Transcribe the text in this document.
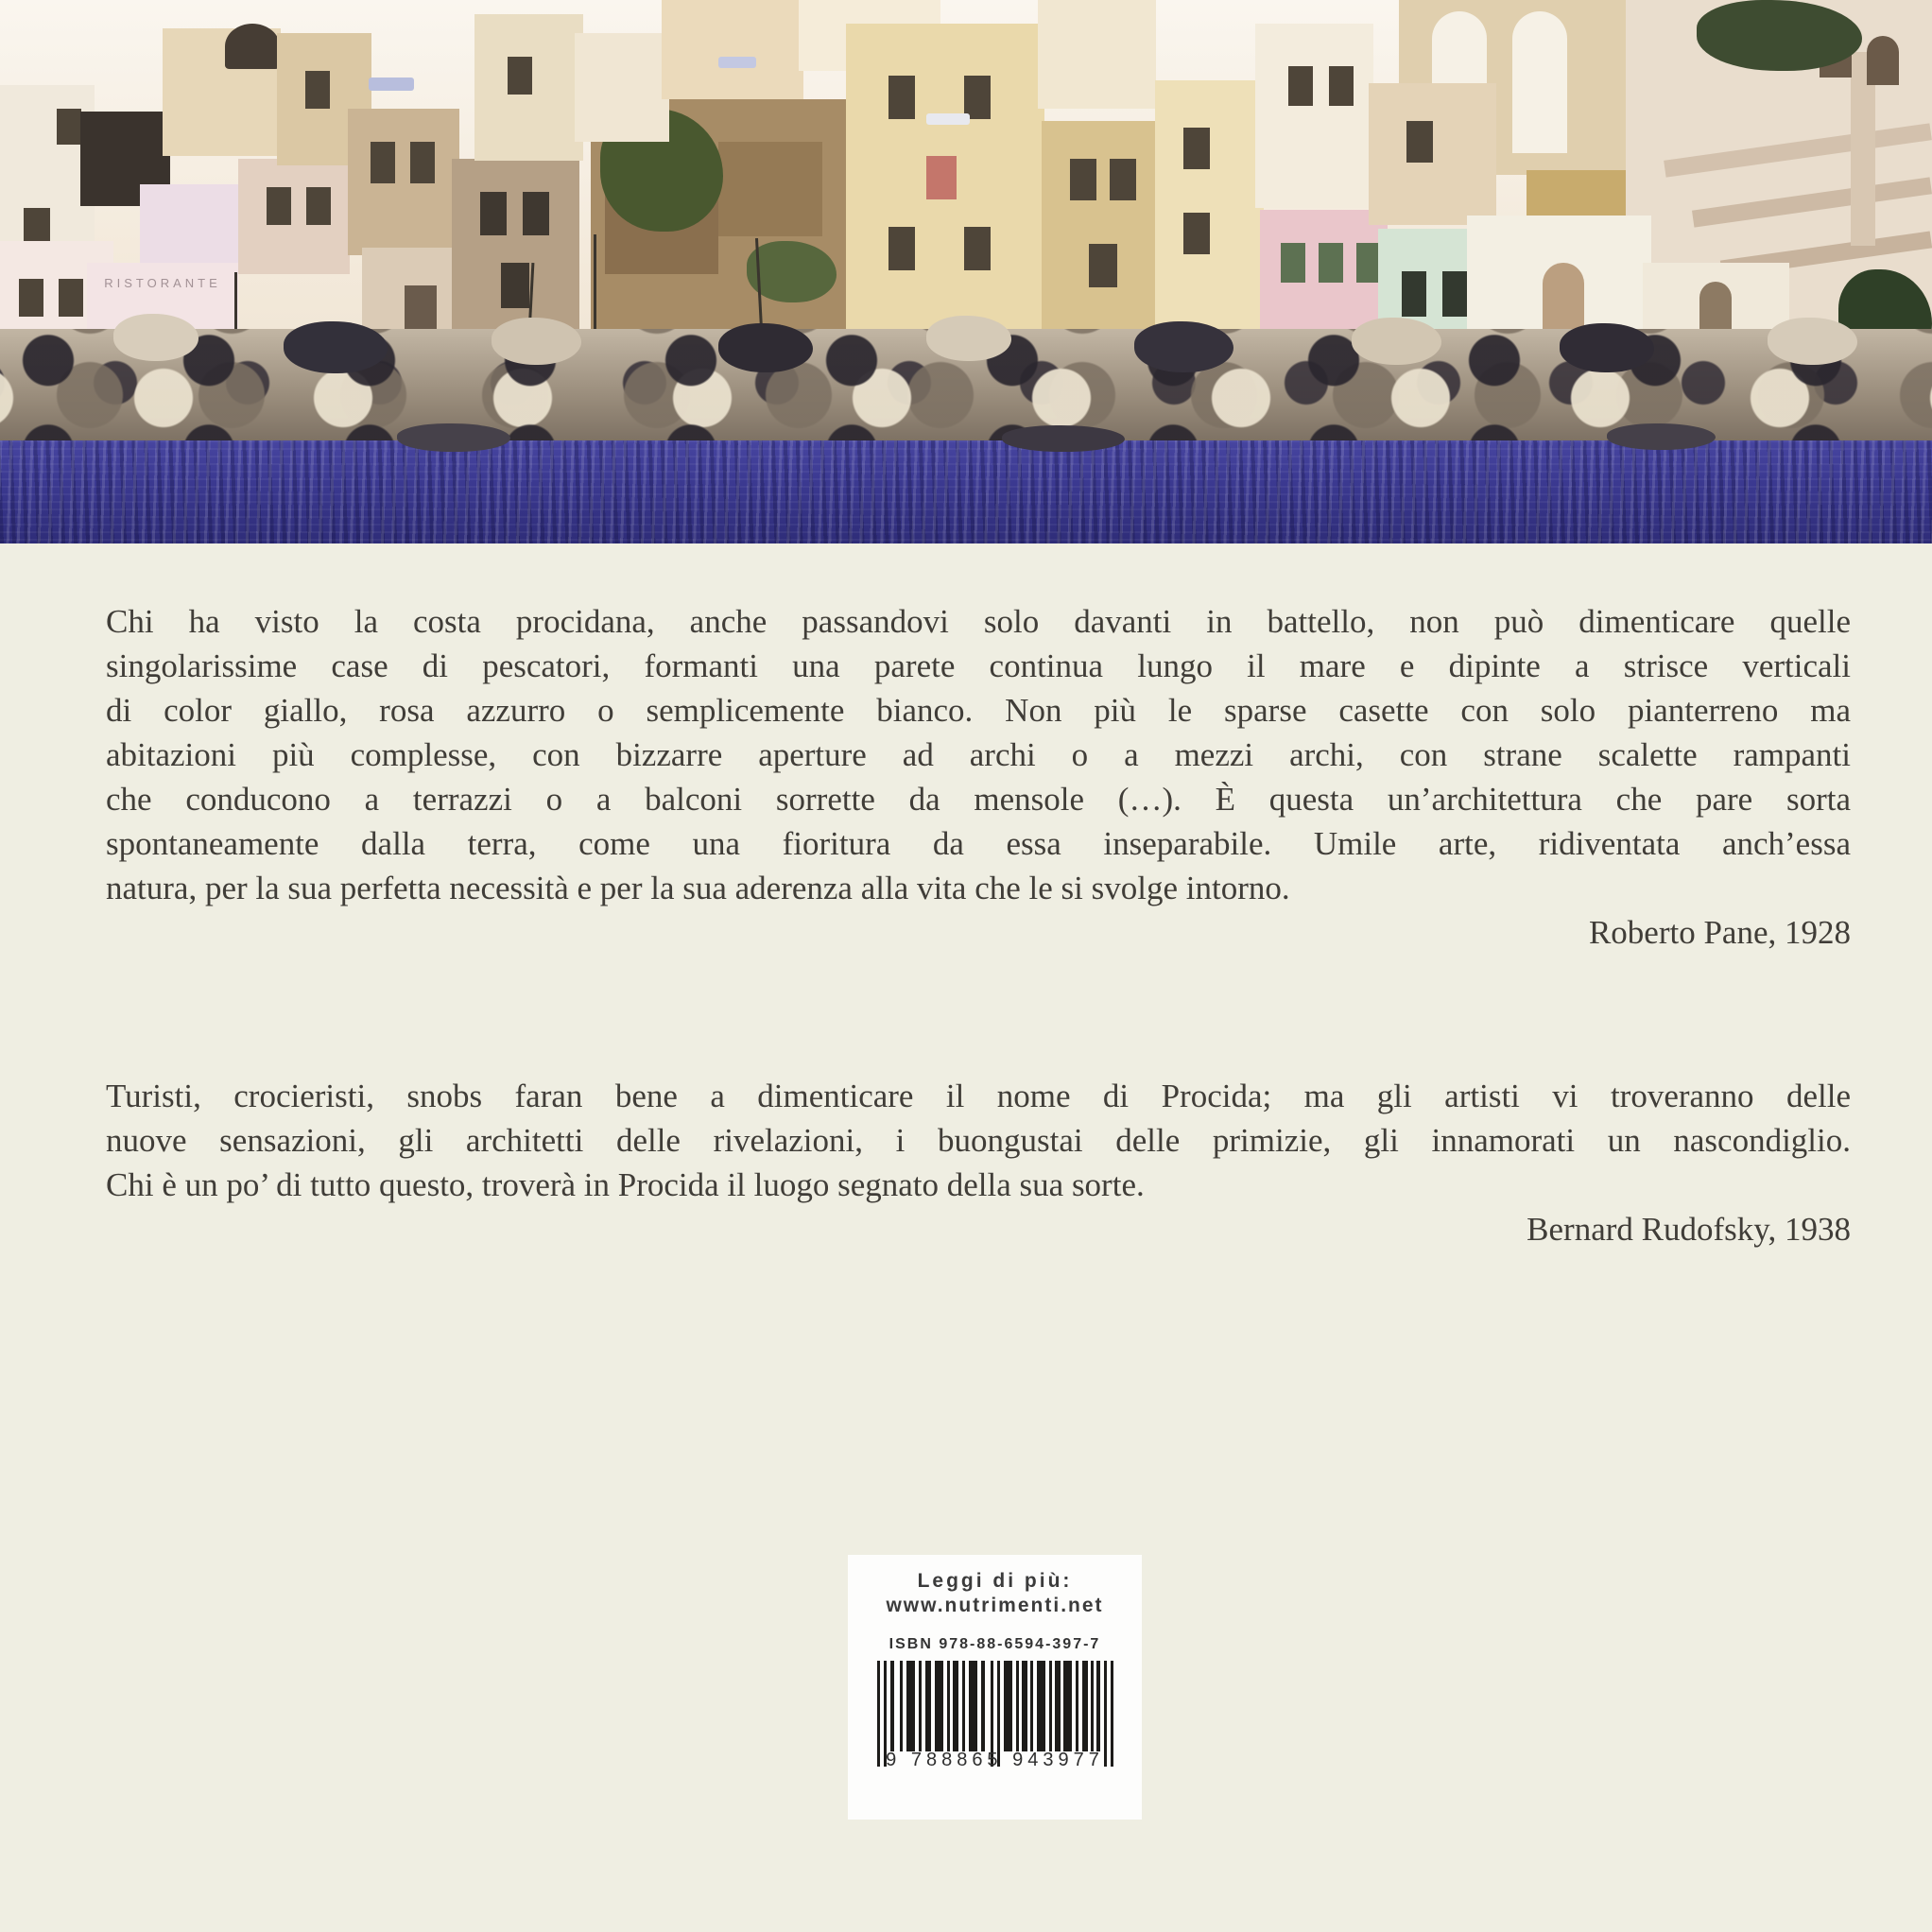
RISTORANTE
Chi ha visto la costa procidana, anche passandovi solo davanti in battello, non può dimenticare quelle
singolarissime case di pescatori, formanti una parete continua lungo il mare e dipinte a strisce verticali
di color giallo, rosa azzurro o semplicemente bianco. Non più le sparse casette con solo pianterreno ma
abitazioni più complesse, con bizzarre aperture ad archi o a mezzi archi, con strane scalette rampanti
che conducono a terrazzi o a balconi sorrette da mensole (…). È questa un’architettura che pare sorta
spontaneamente dalla terra, come una fioritura da essa inseparabile. Umile arte, ridiventata anch’essa
natura, per la sua perfetta necessità e per la sua aderenza alla vita che le si svolge intorno.
Roberto Pane, 1928
Turisti, crocieristi, snobs faran bene a dimenticare il nome di Procida; ma gli artisti vi troveranno delle
nuove sensazioni, gli architetti delle rivelazioni, i buongustai delle primizie, gli innamorati un nascondiglio.
Chi è un po’ di tutto questo, troverà in Procida il luogo segnato della sua sorte.
Bernard Rudofsky, 1938
Leggi di più:
www.nutrimenti.net
ISBN 978-88-6594-397-7
9 788865 943977
